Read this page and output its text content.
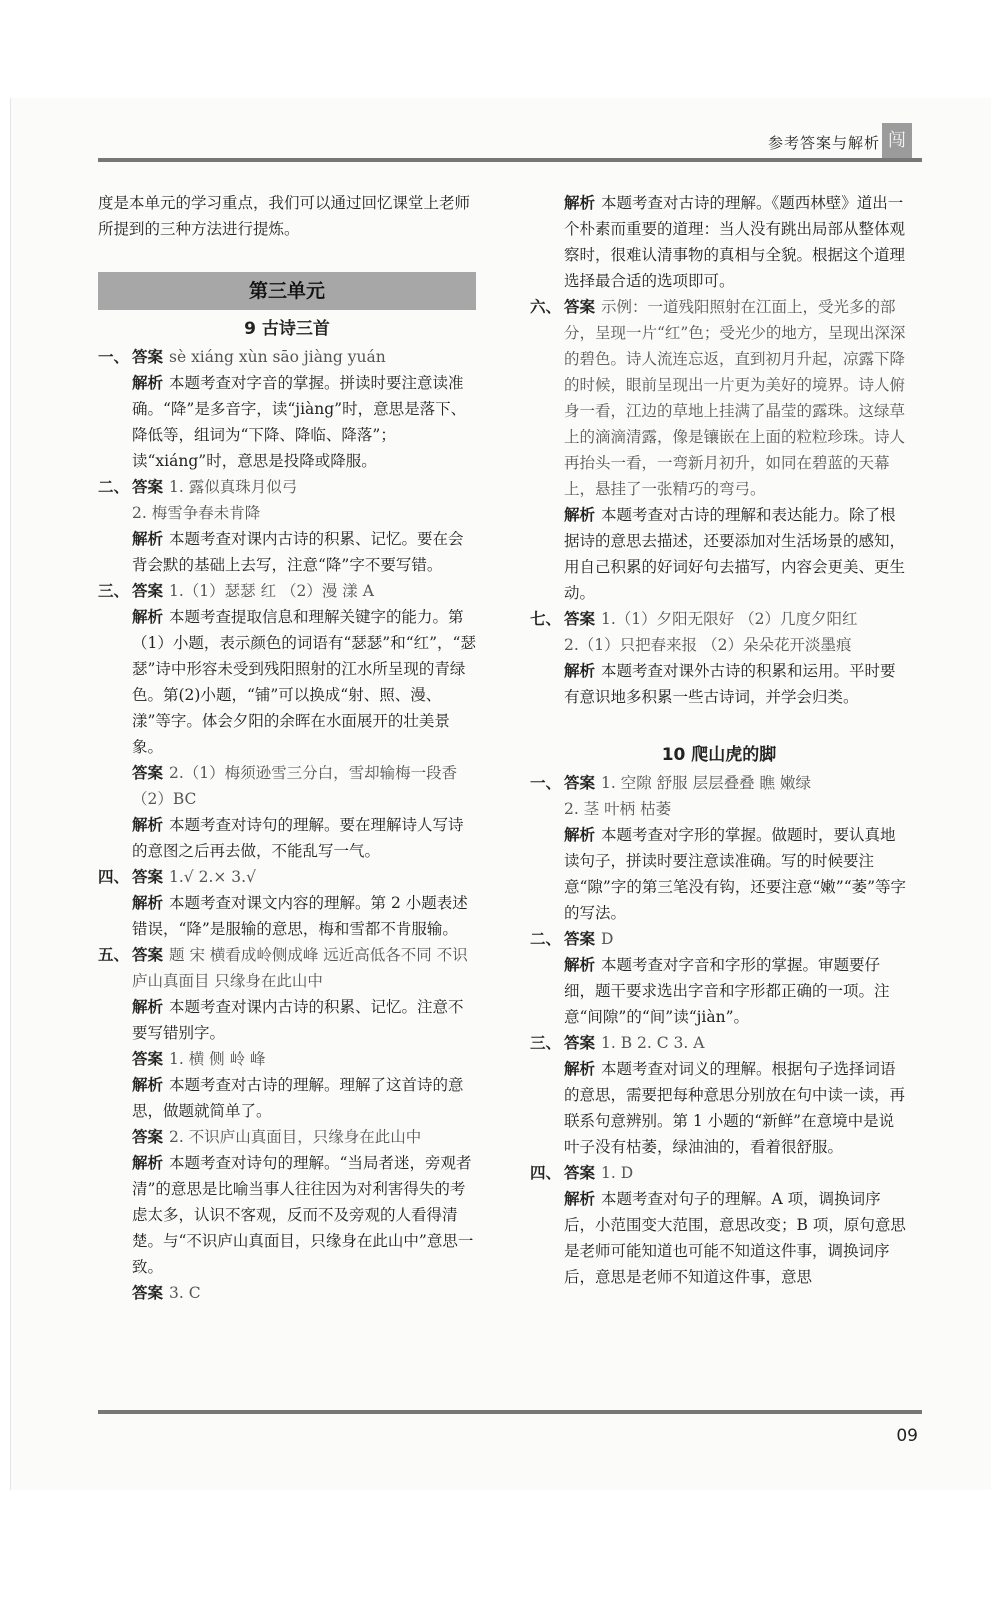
参考答案与解析 闯

度是本单元的学习重点，我们可以通过回忆课堂上老师所提到的三种方法进行提炼。

第三单元
9 古诗三首
一、 答案 sè xiáng xùn sāo jiàng yuán
解析 本题考查对字音的掌握。拼读时要注意读准确。“降”是多音字，读“jiàng”时，意思是落下、降低等，组词为“下降、降临、降落”；读“xiáng”时，意思是投降或降服。
二、 答案 1. 露似真珠月似弓
2. 梅雪争春未肯降
解析 本题考查对课内古诗的积累、记忆。要在会背会默的基础上去写，注意“降”字不要写错。
三、 答案 1.（1）瑟瑟 红 （2）漫 漾 A
解析 本题考查提取信息和理解关键字的能力。第（1）小题，表示颜色的词语有“瑟瑟”和“红”，“瑟瑟”诗中形容未受到残阳照射的江水所呈现的青绿色。第(2)小题，“铺”可以换成“射、照、漫、漾”等字。体会夕阳的余晖在水面展开的壮美景象。
答案 2.（1）梅须逊雪三分白，雪却输梅一段香 （2）BC
解析 本题考查对诗句的理解。要在理解诗人写诗的意图之后再去做，不能乱写一气。
四、 答案 1.√ 2.× 3.√
解析 本题考查对课文内容的理解。第 2 小题表述错误，“降”是服输的意思，梅和雪都不肯服输。
五、 答案 题 宋 横看成岭侧成峰 远近高低各不同 不识庐山真面目 只缘身在此山中
解析 本题考查对课内古诗的积累、记忆。注意不要写错别字。
答案 1. 横 侧 岭 峰
解析 本题考查对古诗的理解。理解了这首诗的意思，做题就简单了。
答案 2. 不识庐山真面目，只缘身在此山中
解析 本题考查对诗句的理解。“当局者迷，旁观者清”的意思是比喻当事人往往因为对利害得失的考虑太多，认识不客观，反而不及旁观的人看得清楚。与“不识庐山真面目，只缘身在此山中”意思一致。
答案 3. C
解析 本题考查对古诗的理解。《题西林壁》道出一个朴素而重要的道理：当人没有跳出局部从整体观察时，很难认清事物的真相与全貌。根据这个道理选择最合适的选项即可。
六、 答案 示例：一道残阳照射在江面上，受光多的部分，呈现一片“红”色；受光少的地方，呈现出深深的碧色。诗人流连忘返，直到初月升起，凉露下降的时候，眼前呈现出一片更为美好的境界。诗人俯身一看，江边的草地上挂满了晶莹的露珠。这绿草上的滴滴清露，像是镶嵌在上面的粒粒珍珠。诗人再抬头一看，一弯新月初升，如同在碧蓝的天幕上，悬挂了一张精巧的弯弓。
解析 本题考查对古诗的理解和表达能力。除了根据诗的意思去描述，还要添加对生活场景的感知，用自己积累的好词好句去描写，内容会更美、更生动。
七、 答案 1.（1）夕阳无限好 （2）几度夕阳红
2.（1）只把春来报 （2）朵朵花开淡墨痕
解析 本题考查对课外古诗的积累和运用。平时要有意识地多积累一些古诗词，并学会归类。
10 爬山虎的脚
一、 答案 1. 空隙 舒服 层层叠叠 瞧 嫩绿
2. 茎 叶柄 枯萎
解析 本题考查对字形的掌握。做题时，要认真地读句子，拼读时要注意读准确。写的时候要注意“隙”字的第三笔没有钩，还要注意“嫩”“萎”等字的写法。
二、 答案 D
解析 本题考查对字音和字形的掌握。审题要仔细，题干要求选出字音和字形都正确的一项。注意“间隙”的“间”读“jiàn”。
三、 答案 1. B 2. C 3. A
解析 本题考查对词义的理解。根据句子选择词语的意思，需要把每种意思分别放在句中读一读，再联系句意辨别。第 1 小题的“新鲜”在意境中是说叶子没有枯萎，绿油油的，看着很舒服。
四、 答案 1. D
解析 本题考查对句子的理解。A 项，调换词序后，小范围变大范围，意思改变；B 项，原句意思是老师可能知道也可能不知道这件事，调换词序后，意思是老师不知道这件事，意思
09
